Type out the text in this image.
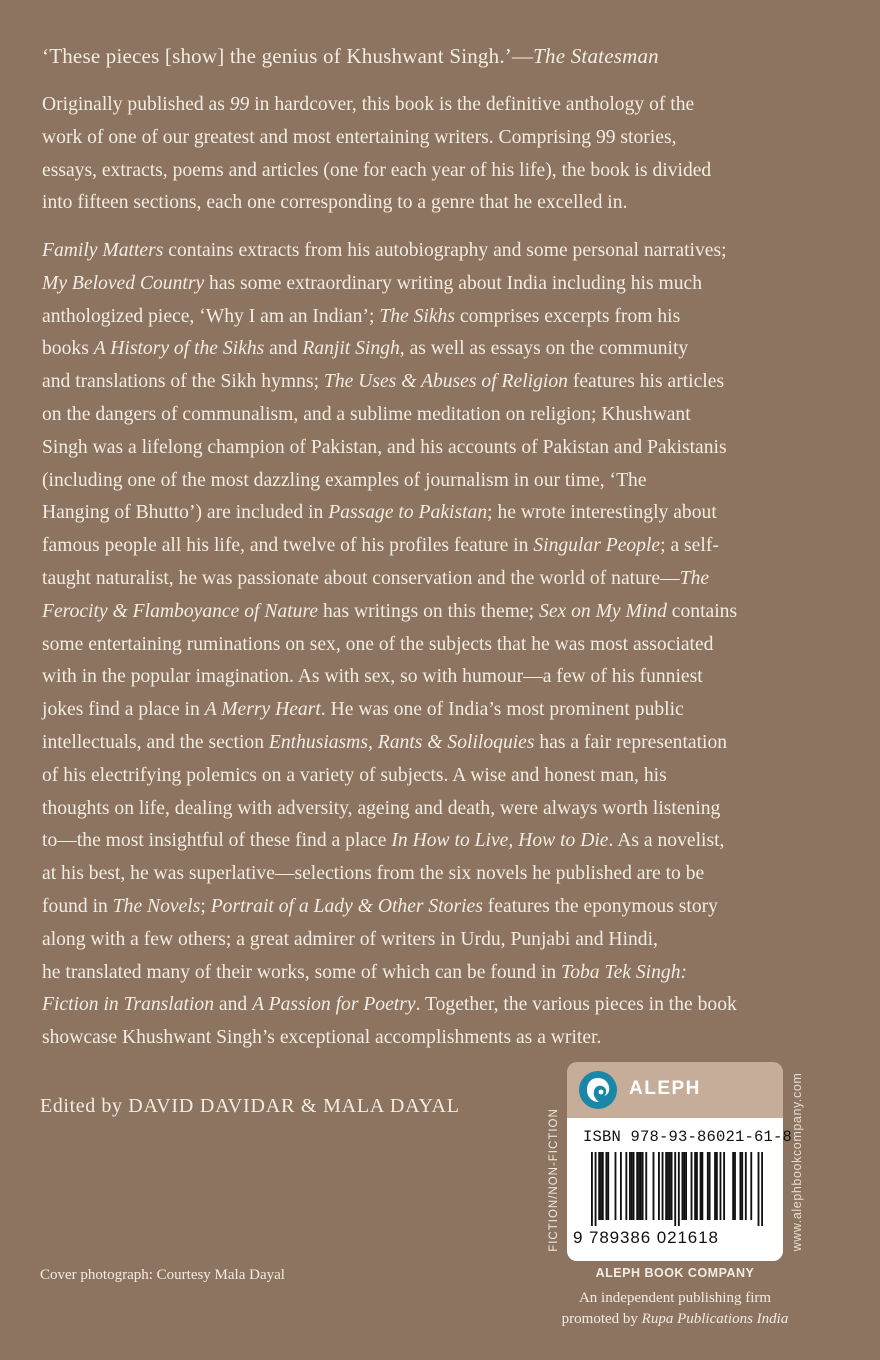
‘These pieces [show] the genius of Khushwant Singh.’—The Statesman

Originally published as 99 in hardcover, this book is the definitive anthology of the
work of one of our greatest and most entertaining writers. Comprising 99 stories,
essays, extracts, poems and articles (one for each year of his life), the book is divided
into fifteen sections, each one corresponding to a genre that he excelled in.

Family Matters contains extracts from his autobiography and some personal narratives;
My Beloved Country has some extraordinary writing about India including his much
anthologized piece, ‘Why I am an Indian’; The Sikhs comprises excerpts from his
books A History of the Sikhs and Ranjit Singh, as well as essays on the community
and translations of the Sikh hymns; The Uses & Abuses of Religion features his articles
on the dangers of communalism, and a sublime meditation on religion; Khushwant
Singh was a lifelong champion of Pakistan, and his accounts of Pakistan and Pakistanis
(including one of the most dazzling examples of journalism in our time, ‘The
Hanging of Bhutto’) are included in Passage to Pakistan; he wrote interestingly about
famous people all his life, and twelve of his profiles feature in Singular People; a self-
taught naturalist, he was passionate about conservation and the world of nature—The
Ferocity & Flamboyance of Nature has writings on this theme; Sex on My Mind contains
some entertaining ruminations on sex, one of the subjects that he was most associated
with in the popular imagination. As with sex, so with humour—a few of his funniest
jokes find a place in A Merry Heart. He was one of India’s most prominent public
intellectuals, and the section Enthusiasms, Rants & Soliloquies has a fair representation
of his electrifying polemics on a variety of subjects. A wise and honest man, his
thoughts on life, dealing with adversity, ageing and death, were always worth listening
to—the most insightful of these find a place In How to Live, How to Die. As a novelist,
at his best, he was superlative—selections from the six novels he published are to be
found in The Novels; Portrait of a Lady & Other Stories features the eponymous story
along with a few others; a great admirer of writers in Urdu, Punjabi and Hindi,
he translated many of their works, some of which can be found in Toba Tek Singh:
Fiction in Translation and A Passion for Poetry. Together, the various pieces in the book
showcase Khushwant Singh’s exceptional accomplishments as a writer.

Edited by DAVID DAVIDAR & MALA DAYAL
Cover photograph: Courtesy Mala Dayal
FICTION/NON-FICTION	www.alephbookcompany.com
ALEPH
ISBN 978-93-86021-61-8
9 789386 021618
ALEPH BOOK COMPANY
An independent publishing firm
promoted by Rupa Publications India
